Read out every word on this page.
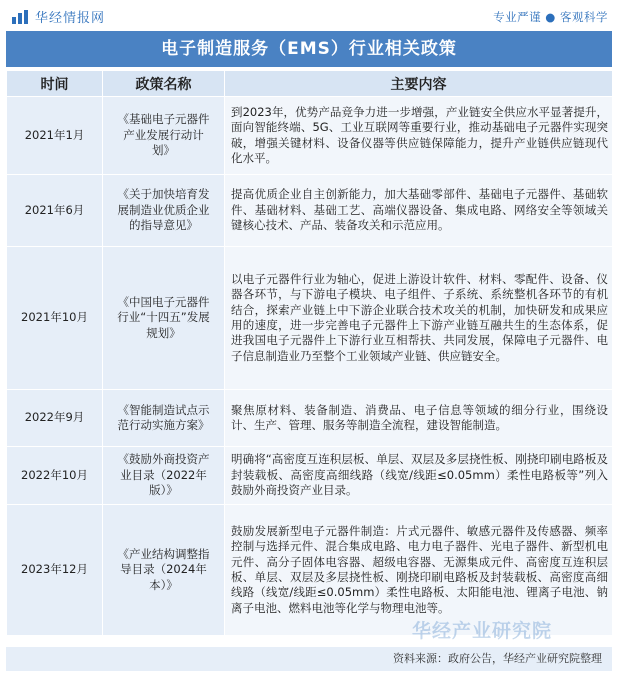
华经情报网	专业严谨 ● 客观科学
电子制造服务（EMS）行业相关政策
时间	政策名称	主要内容
2021年1月	《基础电子元器件产业发展行动计划》	到2023年，优势产品竞争力进一步增强，产业链安全供应水平显著提升，面向智能终端、5G、工业互联网等重要行业，推动基础电子元器件实现突破，增强关键材料、设备仪器等供应链保障能力，提升产业链供应链现代化水平。
2021年6月	《关于加快培育发展制造业优质企业的指导意见》	提高优质企业自主创新能力，加大基础零部件、基础电子元器件、基础软件、基础材料、基础工艺、高端仪器设备、集成电路、网络安全等领域关键核心技术、产品、装备攻关和示范应用。
2021年10月	《中国电子元器件行业“十四五”发展规划》	以电子元器件行业为轴心，促进上游设计软件、材料、零配件、设备、仪器各环节，与下游电子模块、电子组件、子系统、系统整机各环节的有机结合，探索产业链上中下游企业联合技术攻关的机制，加快研发和成果应用的速度，进一步完善电子元器件上下游产业链互融共生的生态体系，促进我国电子元器件上下游行业互相帮扶、共同发展，保障电子元器件、电子信息制造业乃至整个工业领域产业链、供应链安全。
2022年9月	《智能制造试点示范行动实施方案》	聚焦原材料、装备制造、消费品、电子信息等领域的细分行业，围绕设计、生产、管理、服务等制造全流程，建设智能制造。
2022年10月	《鼓励外商投资产业目录（2022年版）》	明确将“高密度互连积层板、单层、双层及多层挠性板、刚挠印刷电路板及封装载板、高密度高细线路（线宽/线距≤0.05mm）柔性电路板等”列入鼓励外商投资产业目录。
2023年12月	《产业结构调整指导目录（2024年本）》	鼓励发展新型电子元器件制造：片式元器件、敏感元器件及传感器、频率控制与选择元件、混合集成电路、电力电子器件、光电子器件、新型机电元件、高分子固体电容器、超级电容器、无源集成元件、高密度互连积层板、单层、双层及多层挠性板、刚挠印刷电路板及封装载板、高密度高细线路（线宽/线距≤0.05mm）柔性电路板、太阳能电池、锂离子电池、钠离子电池、燃料电池等化学与物理电池等。
华经产业研究院
资料来源：政府公告，华经产业研究院整理
